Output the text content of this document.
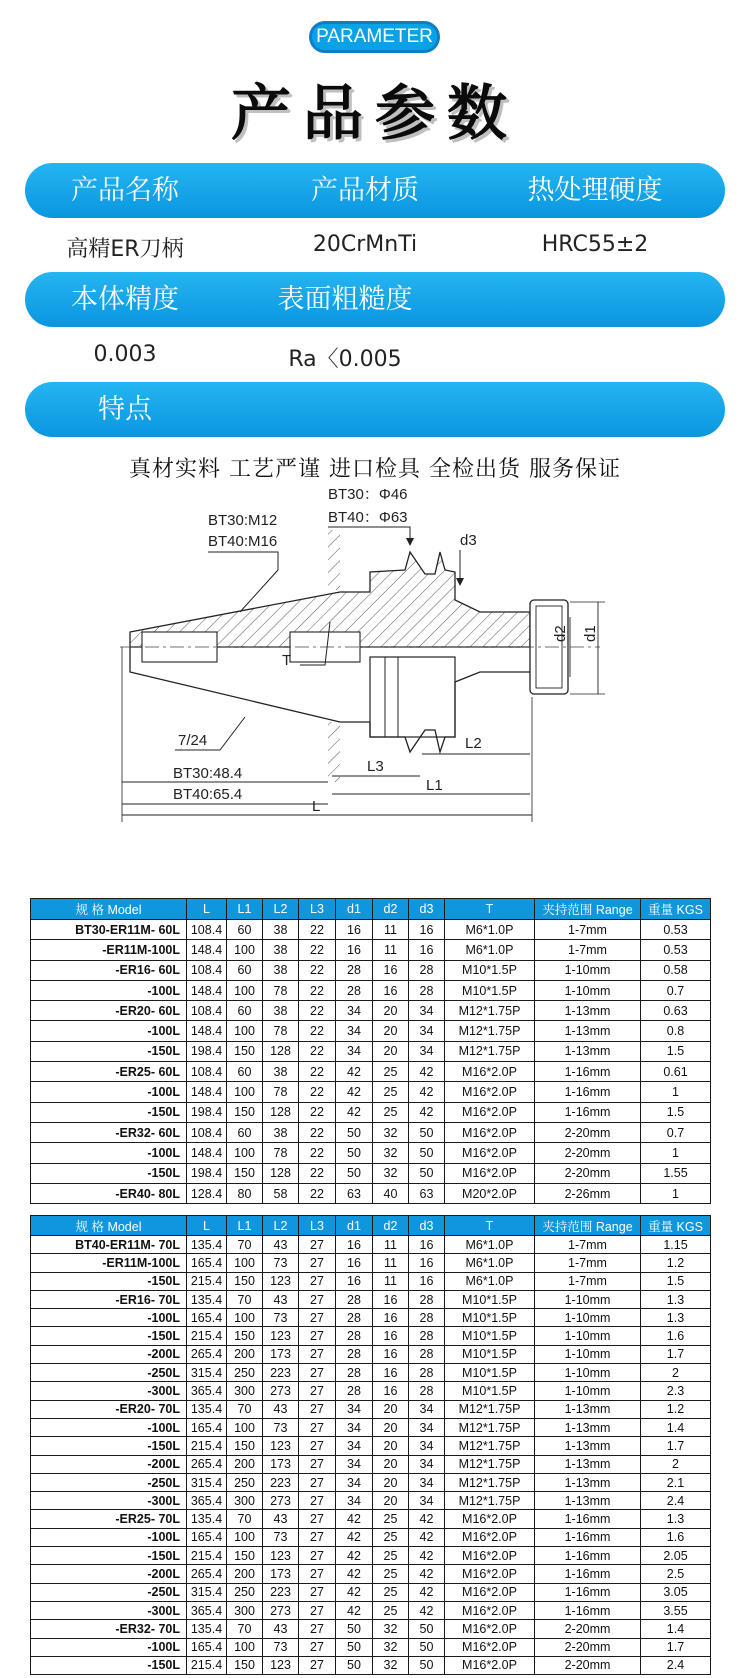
PARAMETER
产品参数
产品名称	产品材质	热处理硬度
高精ER刀柄	20CrMnTi	HRC55±2
本体精度	表面粗糙度
0.003	Ra〈0.005
特点
真材实料 工艺严谨 进口检具 全检出货 服务保证
BT30：Φ46
BT40：Φ63
BT30:M12
BT40:M16	d3
d2 d1
T
7/24	L2
L3
L1
BT30:48.4
BT40:65.4
L
规 格 Model	L	L1	L2	L3	d1	d2	d3	T	夹持范围 Range	重量 KGS
BT30-ER11M- 60L	108.4	60	38	22	16	11	16	M6*1.0P	1-7mm	0.53
-ER11M-100L	148.4	100	38	22	16	11	16	M6*1.0P	1-7mm	0.53
-ER16- 60L	108.4	60	38	22	28	16	28	M10*1.5P	1-10mm	0.58
-100L	148.4	100	78	22	28	16	28	M10*1.5P	1-10mm	0.7
-ER20- 60L	108.4	60	38	22	34	20	34	M12*1.75P	1-13mm	0.63
-100L	148.4	100	78	22	34	20	34	M12*1.75P	1-13mm	0.8
-150L	198.4	150	128	22	34	20	34	M12*1.75P	1-13mm	1.5
-ER25- 60L	108.4	60	38	22	42	25	42	M16*2.0P	1-16mm	0.61
-100L	148.4	100	78	22	42	25	42	M16*2.0P	1-16mm	1
-150L	198.4	150	128	22	42	25	42	M16*2.0P	1-16mm	1.5
-ER32- 60L	108.4	60	38	22	50	32	50	M16*2.0P	2-20mm	0.7
-100L	148.4	100	78	22	50	32	50	M16*2.0P	2-20mm	1
-150L	198.4	150	128	22	50	32	50	M16*2.0P	2-20mm	1.55
-ER40- 80L	128.4	80	58	22	63	40	63	M20*2.0P	2-26mm	1
规 格 Model	L	L1	L2	L3	d1	d2	d3	T	夹持范围 Range	重量 KGS
BT40-ER11M- 70L	135.4	70	43	27	16	11	16	M6*1.0P	1-7mm	1.15
-ER11M-100L	165.4	100	73	27	16	11	16	M6*1.0P	1-7mm	1.2
-150L	215.4	150	123	27	16	11	16	M6*1.0P	1-7mm	1.5
-ER16- 70L	135.4	70	43	27	28	16	28	M10*1.5P	1-10mm	1.3
-100L	165.4	100	73	27	28	16	28	M10*1.5P	1-10mm	1.3
-150L	215.4	150	123	27	28	16	28	M10*1.5P	1-10mm	1.6
-200L	265.4	200	173	27	28	16	28	M10*1.5P	1-10mm	1.7
-250L	315.4	250	223	27	28	16	28	M10*1.5P	1-10mm	2
-300L	365.4	300	273	27	28	16	28	M10*1.5P	1-10mm	2.3
-ER20- 70L	135.4	70	43	27	34	20	34	M12*1.75P	1-13mm	1.2
-100L	165.4	100	73	27	34	20	34	M12*1.75P	1-13mm	1.4
-150L	215.4	150	123	27	34	20	34	M12*1.75P	1-13mm	1.7
-200L	265.4	200	173	27	34	20	34	M12*1.75P	1-13mm	2
-250L	315.4	250	223	27	34	20	34	M12*1.75P	1-13mm	2.1
-300L	365.4	300	273	27	34	20	34	M12*1.75P	1-13mm	2.4
-ER25- 70L	135.4	70	43	27	42	25	42	M16*2.0P	1-16mm	1.3
-100L	165.4	100	73	27	42	25	42	M16*2.0P	1-16mm	1.6
-150L	215.4	150	123	27	42	25	42	M16*2.0P	1-16mm	2.05
-200L	265.4	200	173	27	42	25	42	M16*2.0P	1-16mm	2.5
-250L	315.4	250	223	27	42	25	42	M16*2.0P	1-16mm	3.05
-300L	365.4	300	273	27	42	25	42	M16*2.0P	1-16mm	3.55
-ER32- 70L	135.4	70	43	27	50	32	50	M16*2.0P	2-20mm	1.4
-100L	165.4	100	73	27	50	32	50	M16*2.0P	2-20mm	1.7
-150L	215.4	150	123	27	50	32	50	M16*2.0P	2-20mm	2.4
